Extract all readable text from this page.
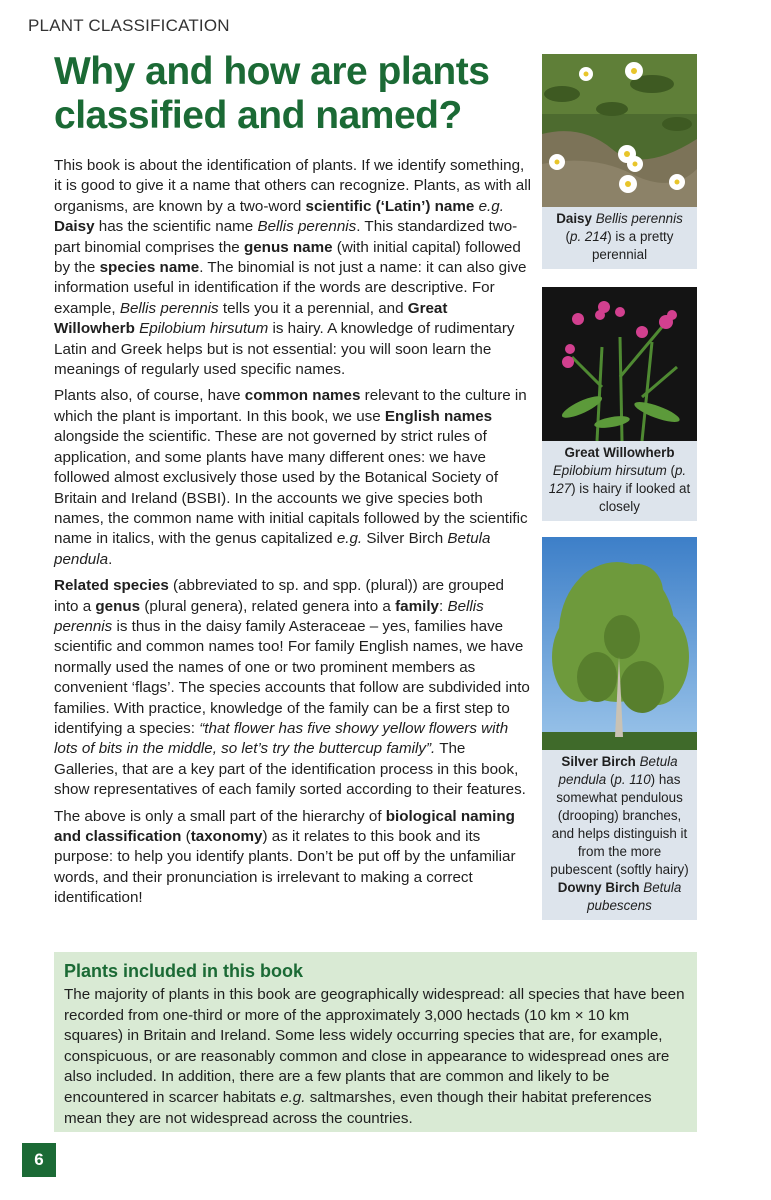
PLANT CLASSIFICATION
Why and how are plants classified and named?

This book is about the identification of plants. If we identify something, it is good to give it a name that others can recognize. Plants, as with all organisms, are known by a two-word scientific (‘Latin’) name e.g. Daisy has the scientific name Bellis perennis. This standardized two-part binomial comprises the genus name (with initial capital) followed by the species name. The binomial is not just a name: it can also give information useful in identification if the words are descriptive. For example, Bellis perennis tells you it a perennial, and Great Willowherb Epilobium hirsutum is hairy. A knowledge of rudimentary Latin and Greek helps but is not essential: you will soon learn the meanings of regularly used specific names.

Plants also, of course, have common names relevant to the culture in which the plant is important. In this book, we use English names alongside the scientific. These are not governed by strict rules of application, and some plants have many different ones: we have followed almost exclusively those used by the Botanical Society of Britain and Ireland (BSBI). In the accounts we give species both names, the common name with initial capitals followed by the scientific name in italics, with the genus capitalized e.g. Silver Birch Betula pendula.

Related species (abbreviated to sp. and spp. (plural)) are grouped into a genus (plural genera), related genera into a family: Bellis perennis is thus in the daisy family Asteraceae – yes, families have scientific and common names too! For family English names, we have normally used the names of one or two prominent members as convenient ‘flags’. The species accounts that follow are subdivided into families. With practice, knowledge of the family can be a first step to identifying a species: “that flower has five showy yellow flowers with lots of bits in the middle, so let’s try the buttercup family”. The Galleries, that are a key part of the identification process in this book, show representatives of each family sorted according to their features.

The above is only a small part of the hierarchy of biological naming and classification (taxonomy) as it relates to this book and its purpose: to help you identify plants. Don’t be put off by the unfamiliar words, and their pronunciation is irrelevant to making a correct identification!

Daisy Bellis perennis (p. 214) is a pretty perennial
Great Willowherb Epilobium hirsutum (p. 127) is hairy if looked at closely
Silver Birch Betula pendula (p. 110) has somewhat pendulous (drooping) branches, and helps distinguish it from the more pubescent (softly hairy) Downy Birch Betula pubescens
Plants included in this book
The majority of plants in this book are geographically widespread: all species that have been recorded from one-third or more of the approximately 3,000 hectads (10 km × 10 km squares) in Britain and Ireland. Some less widely occurring species that are, for example, conspicuous, or are reasonably common and close in appearance to widespread ones are also included. In addition, there are a few plants that are common and likely to be encountered in scarcer habitats e.g. saltmarshes, even though their habitat preferences mean they are not widespread across the countries.
6
